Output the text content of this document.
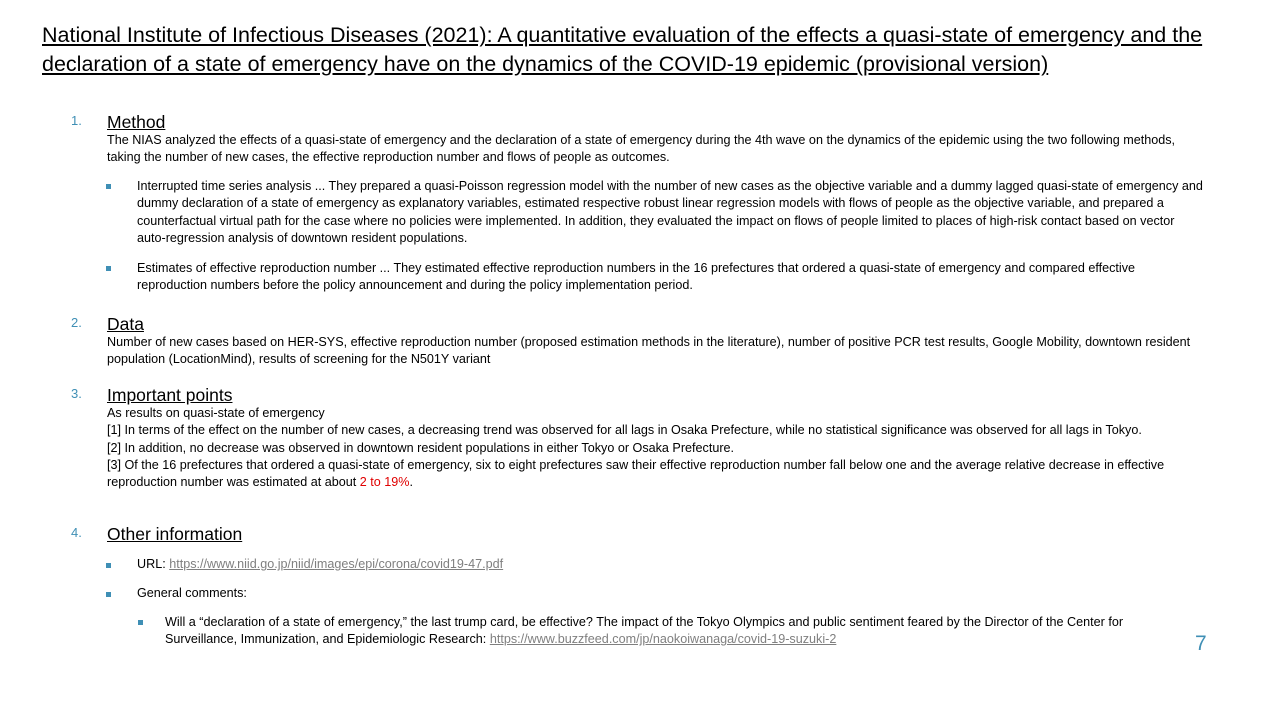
National Institute of Infectious Diseases (2021): A quantitative evaluation of the effects a quasi-state of emergency and the declaration of a state of emergency have on the dynamics of the COVID-19 epidemic (provisional version)
1. Method
The NIAS analyzed the effects of a quasi-state of emergency and the declaration of a state of emergency during the 4th wave on the dynamics of the epidemic using the two following methods, taking the number of new cases, the effective reproduction number and flows of people as outcomes.
Interrupted time series analysis ... They prepared a quasi-Poisson regression model with the number of new cases as the objective variable and a dummy lagged quasi-state of emergency and dummy declaration of a state of emergency as explanatory variables, estimated respective robust linear regression models with flows of people as the objective variable, and prepared a counterfactual virtual path for the case where no policies were implemented. In addition, they evaluated the impact on flows of people limited to places of high-risk contact based on vector auto-regression analysis of downtown resident populations.
Estimates of effective reproduction number ... They estimated effective reproduction numbers in the 16 prefectures that ordered a quasi-state of emergency and compared effective reproduction numbers before the policy announcement and during the policy implementation period.
2. Data
Number of new cases based on HER-SYS, effective reproduction number (proposed estimation methods in the literature), number of positive PCR test results, Google Mobility, downtown resident population (LocationMind), results of screening for the N501Y variant
3. Important points
As results on quasi-state of emergency
[1] In terms of the effect on the number of new cases, a decreasing trend was observed for all lags in Osaka Prefecture, while no statistical significance was observed for all lags in Tokyo.
[2] In addition, no decrease was observed in downtown resident populations in either Tokyo or Osaka Prefecture.
[3] Of the 16 prefectures that ordered a quasi-state of emergency, six to eight prefectures saw their effective reproduction number fall below one and the average relative decrease in effective reproduction number was estimated at about 2 to 19%.
4. Other information
URL: https://www.niid.go.jp/niid/images/epi/corona/covid19-47.pdf
General comments:
Will a “declaration of a state of emergency,” the last trump card, be effective? The impact of the Tokyo Olympics and public sentiment feared by the Director of the Center for Surveillance, Immunization, and Epidemiologic Research: https://www.buzzfeed.com/jp/naokoiwanaga/covid-19-suzuki-2	7
